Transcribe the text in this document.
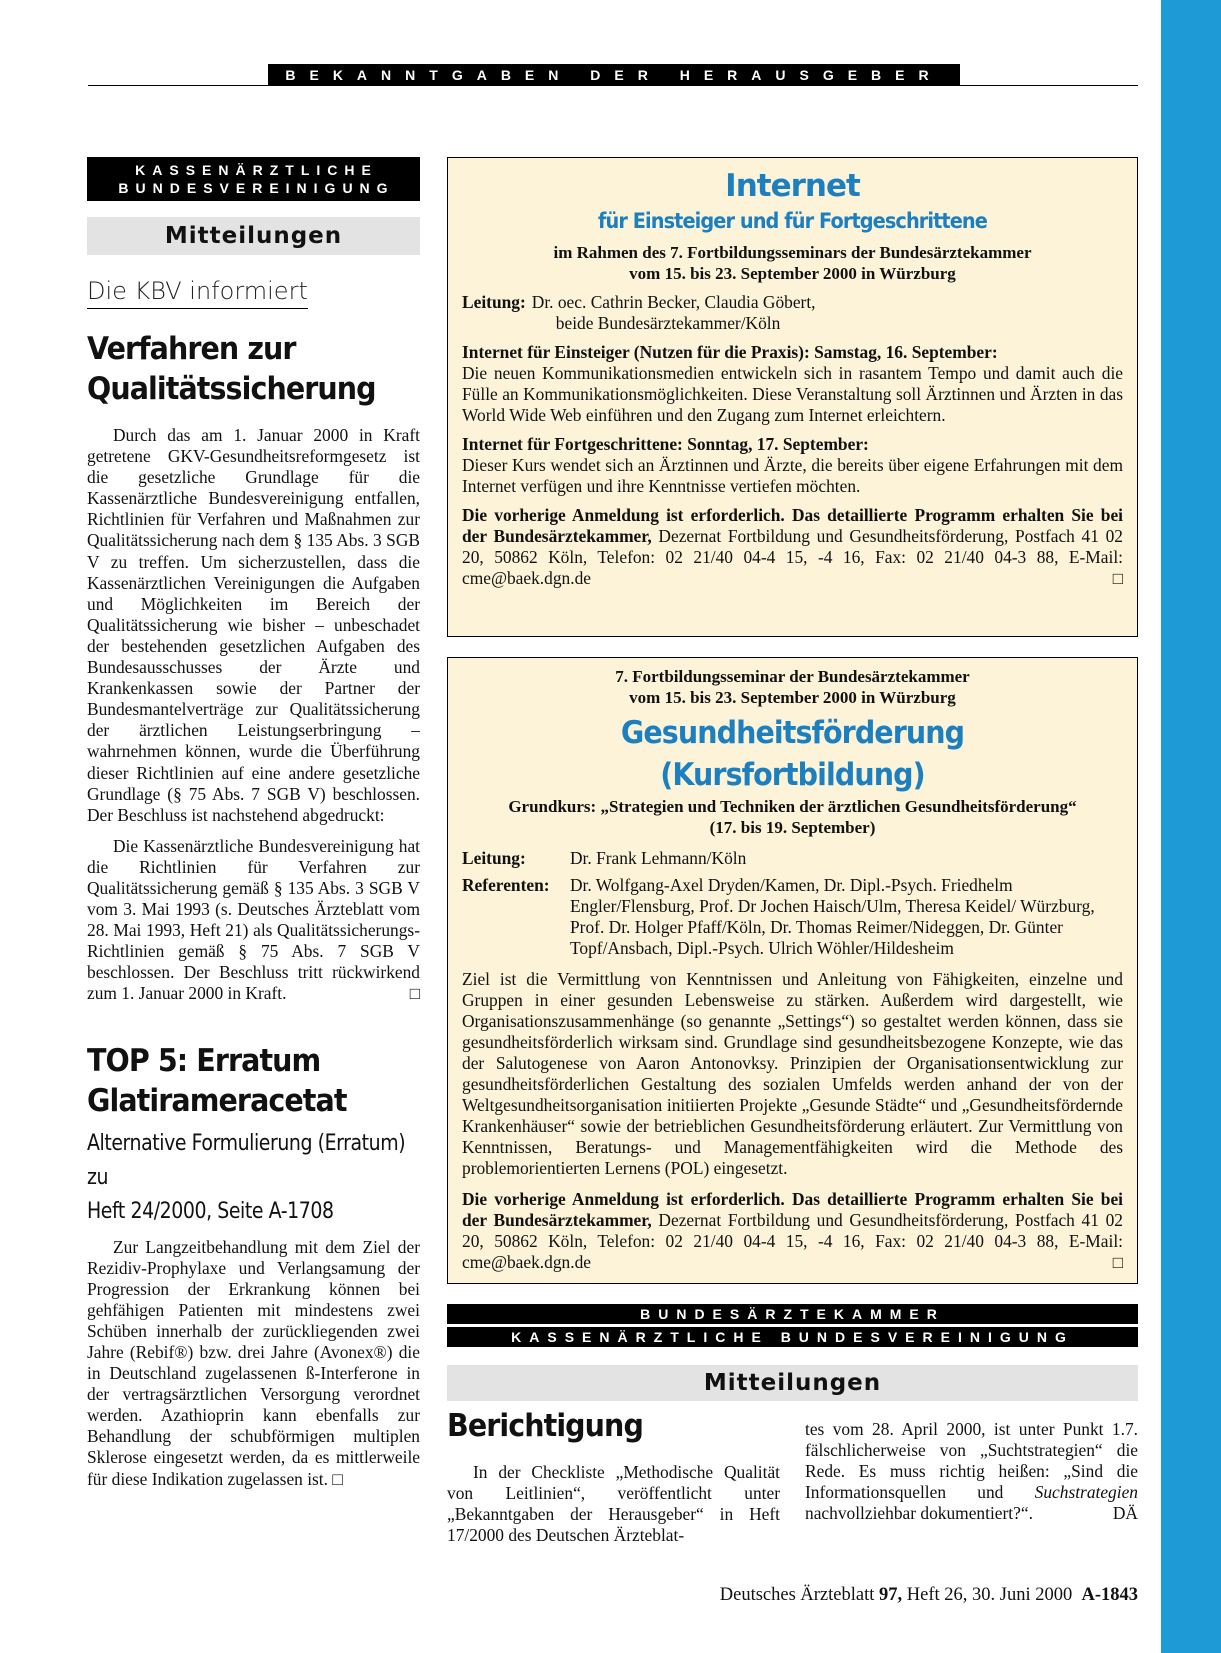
BEKANNTGABEN DER HERAUSGEBER
KASSENÄRZTLICHE
BUNDESVEREINIGUNG
Mitteilungen
Die KBV informiert
Verfahren zur
Qualitätssicherung

Durch das am 1. Januar 2000 in Kraft getretene GKV-Gesundheitsreformgesetz ist die gesetzliche Grundlage für die Kassenärztliche Bundesvereinigung entfallen, Richtlinien für Verfahren und Maßnahmen zur Qualitätssicherung nach dem § 135 Abs. 3 SGB V zu treffen. Um sicherzustellen, dass die Kassenärztlichen Vereinigungen die Aufgaben und Möglichkeiten im Bereich der Qualitätssicherung wie bisher – unbeschadet der bestehenden gesetzlichen Aufgaben des Bundesausschusses der Ärzte und Krankenkassen sowie der Partner der Bundesmantelverträge zur Qualitätssicherung der ärztlichen Leistungserbringung – wahrnehmen können, wurde die Überführung dieser Richtlinien auf eine andere gesetzliche Grundlage (§ 75 Abs. 7 SGB V) beschlossen. Der Beschluss ist nachstehend abgedruckt:

Die Kassenärztliche Bundesvereinigung hat die Richtlinien für Verfahren zur Qualitätssicherung gemäß § 135 Abs. 3 SGB V vom 3. Mai 1993 (s. Deutsches Ärzteblatt vom 28. Mai 1993, Heft 21) als Qualitätssicherungs-Richtlinien gemäß § 75 Abs. 7 SGB V beschlossen. Der Beschluss tritt rückwirkend zum 1. Januar 2000 in Kraft.	□

TOP 5: Erratum
Glatirameracetat
Alternative Formulierung (Erratum) zu
Heft 24/2000, Seite A-1708

Zur Langzeitbehandlung mit dem Ziel der Rezidiv-Prophylaxe und Verlangsamung der Progression der Erkrankung können bei gehfähigen Patienten mit mindestens zwei Schüben innerhalb der zurückliegenden zwei Jahre (Rebif®) bzw. drei Jahre (Avonex®) die in Deutschland zugelassenen ß-Interferone in der vertragsärztlichen Versorgung verordnet werden. Azathioprin kann ebenfalls zur Behandlung der schubförmigen multiplen Sklerose eingesetzt werden, da es mittlerweile für diese Indikation zugelassen ist. □

Internet
für Einsteiger und für Fortgeschrittene
im Rahmen des 7. Fortbildungsseminars der Bundesärztekammer
vom 15. bis 23. September 2000 in Würzburg
Leitung: Dr. oec. Cathrin Becker, Claudia Göbert,
beide Bundesärztekammer/Köln
Internet für Einsteiger (Nutzen für die Praxis): Samstag, 16. September:
Die neuen Kommunikationsmedien entwickeln sich in rasantem Tempo und damit auch die Fülle an Kommunikationsmöglichkeiten. Diese Veranstaltung soll Ärztinnen und Ärzten in das World Wide Web einführen und den Zugang zum Internet erleichtern.
Internet für Fortgeschrittene: Sonntag, 17. September:
Dieser Kurs wendet sich an Ärztinnen und Ärzte, die bereits über eigene Erfahrungen mit dem Internet verfügen und ihre Kenntnisse vertiefen möchten.
Die vorherige Anmeldung ist erforderlich. Das detaillierte Programm erhalten Sie bei der Bundesärztekammer, Dezernat Fortbildung und Gesundheitsförderung, Postfach 41 02 20, 50862 Köln, Telefon: 02 21/40 04-4 15, -4 16, Fax: 02 21/40 04-3 88, E-Mail: cme@baek.dgn.de	□
7. Fortbildungsseminar der Bundesärztekammer
vom 15. bis 23. September 2000 in Würzburg
Gesundheitsförderung (Kursfortbildung)
Grundkurs: „Strategien und Techniken der ärztlichen Gesundheitsförderung“
(17. bis 19. September)
Leitung:	Dr. Frank Lehmann/Köln
Referenten:	Dr. Wolfgang-Axel Dryden/Kamen, Dr. Dipl.-Psych. Friedhelm Engler/Flensburg, Prof. Dr Jochen Haisch/Ulm, Theresa Keidel/ Würzburg, Prof. Dr. Holger Pfaff/Köln, Dr. Thomas Reimer/Nideggen, Dr. Günter Topf/Ansbach, Dipl.-Psych. Ulrich Wöhler/Hildesheim
Ziel ist die Vermittlung von Kenntnissen und Anleitung von Fähigkeiten, einzelne und Gruppen in einer gesunden Lebensweise zu stärken. Außerdem wird dargestellt, wie Organisationszusammenhänge (so genannte „Settings“) so gestaltet werden können, dass sie gesundheitsförderlich wirksam sind. Grundlage sind gesundheitsbezogene Konzepte, wie das der Salutogenese von Aaron Antonovksy. Prinzipien der Organisationsentwicklung zur gesundheitsförderlichen Gestaltung des sozialen Umfelds werden anhand der von der Weltgesundheitsorganisation initiierten Projekte „Gesunde Städte“ und „Gesundheitsfördernde Krankenhäuser“ sowie der betrieblichen Gesundheitsförderung erläutert. Zur Vermittlung von Kenntnissen, Beratungs- und Managementfähigkeiten wird die Methode des problemorientierten Lernens (POL) eingesetzt.
Die vorherige Anmeldung ist erforderlich. Das detaillierte Programm erhalten Sie bei der Bundesärztekammer, Dezernat Fortbildung und Gesundheitsförderung, Postfach 41 02 20, 50862 Köln, Telefon: 02 21/40 04-4 15, -4 16, Fax: 02 21/40 04-3 88, E-Mail: cme@baek.dgn.de	□
BUNDESÄRZTEKAMMER
KASSENÄRZTLICHE BUNDESVEREINIGUNG
Mitteilungen
Berichtigung

In der Checkliste „Methodische Qualität von Leitlinien“, veröffentlicht unter „Bekanntgaben der Herausgeber“ in Heft 17/2000 des Deutschen Ärzteblat-

tes vom 28. April 2000, ist unter Punkt 1.7. fälschlicherweise von „Suchtstrategien“ die Rede. Es muss richtig heißen: „Sind die Informationsquellen und Suchstrategien nachvollziehbar dokumentiert?“.	DÄ
Deutsches Ärzteblatt 97, Heft 26, 30. Juni 2000  A-1843
